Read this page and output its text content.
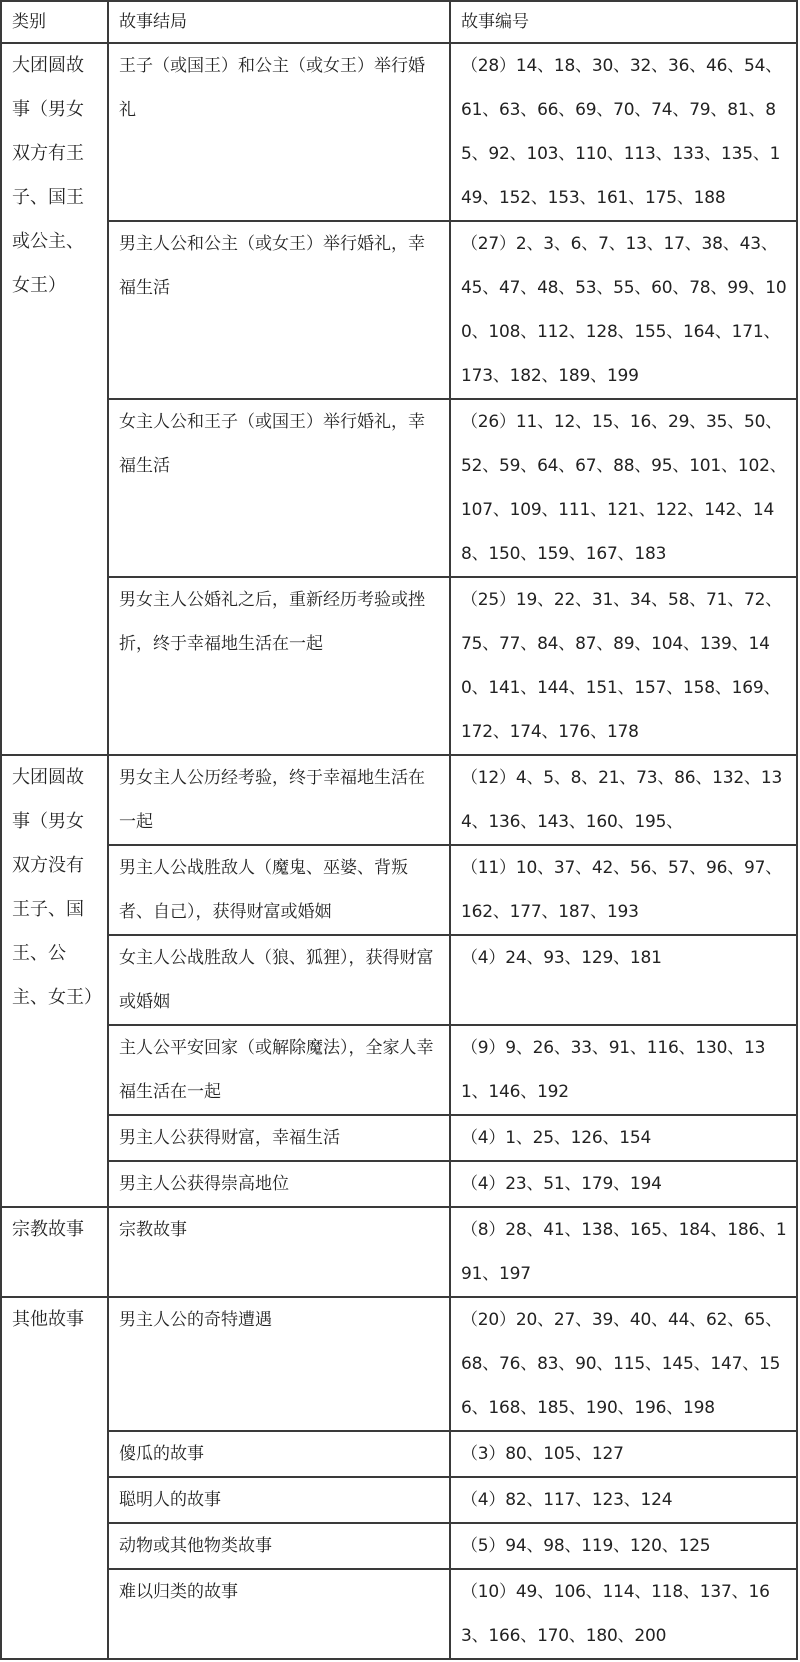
类别	故事结局	故事编号
大团圆故事（男女双方有王子、国王或公主、女王）	王子（或国王）和公主（或女王）举行婚礼	（28）14、18、30、32、36、46、54、61、63、66、69、70、74、79、81、85、92、103、110、113、133、135、149、152、153、161、175、188
	男主人公和公主（或女王）举行婚礼，幸福生活	（27）2、3、6、7、13、17、38、43、45、47、48、53、55、60、78、99、100、108、112、128、155、164、171、173、182、189、199
	女主人公和王子（或国王）举行婚礼，幸福生活	（26）11、12、15、16、29、35、50、52、59、64、67、88、95、101、102、107、109、111、121、122、142、148、150、159、167、183
	男女主人公婚礼之后，重新经历考验或挫折，终于幸福地生活在一起	（25）19、22、31、34、58、71、72、75、77、84、87、89、104、139、140、141、144、151、157、158、169、172、174、176、178
大团圆故事（男女双方没有王子、国王、公主、女王）	男女主人公历经考验，终于幸福地生活在一起	（12）4、5、8、21、73、86、132、134、136、143、160、195、
	男主人公战胜敌人（魔鬼、巫婆、背叛者、自己），获得财富或婚姻	（11）10、37、42、56、57、96、97、162、177、187、193
	女主人公战胜敌人（狼、狐狸），获得财富或婚姻	（4）24、93、129、181
	主人公平安回家（或解除魔法），全家人幸福生活在一起	（9）9、26、33、91、116、130、131、146、192
	男主人公获得财富，幸福生活	（4）1、25、126、154
	男主人公获得崇高地位	（4）23、51、179、194
宗教故事	宗教故事	（8）28、41、138、165、184、186、191、197
其他故事	男主人公的奇特遭遇	（20）20、27、39、40、44、62、65、68、76、83、90、115、145、147、156、168、185、190、196、198
	傻瓜的故事	（3）80、105、127
	聪明人的故事	（4）82、117、123、124
	动物或其他物类故事	（5）94、98、119、120、125
	难以归类的故事	（10）49、106、114、118、137、163、166、170、180、200
